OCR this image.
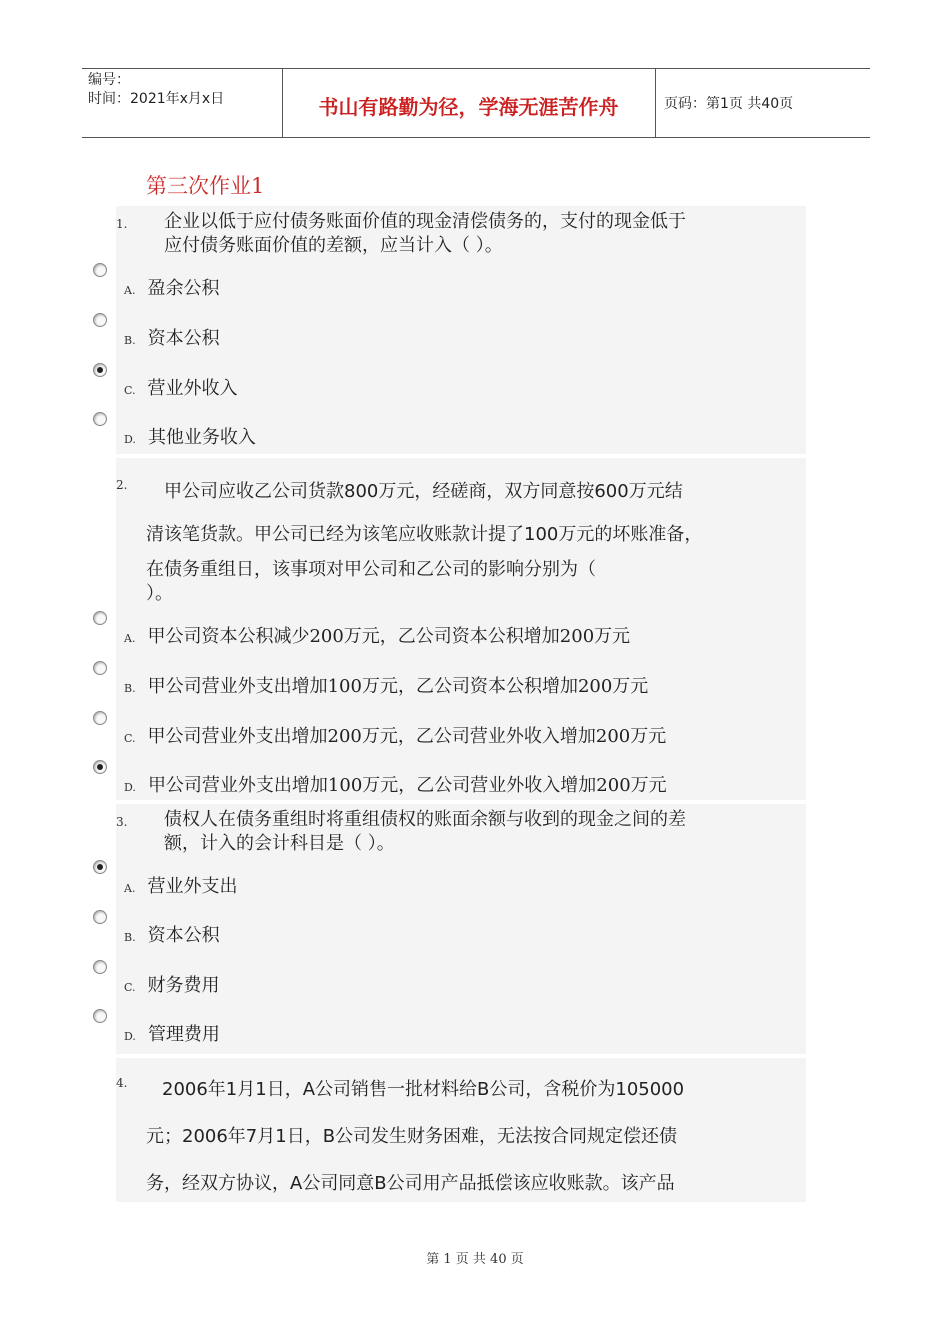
编号：
时间：2021年x月x日	书山有路勤为径，学海无涯苦作舟	页码：第1页 共40页
第三次作业1
1.	企业以低于应付债务账面价值的现金清偿债务的，支付的现金低于
应付债务账面价值的差额，应当计入（ ）。
A. 盈余公积
B. 资本公积
C. 营业外收入
D. 其他业务收入
2.	甲公司应收乙公司货款800万元，经磋商，双方同意按600万元结
清该笔货款。甲公司已经为该笔应收账款计提了100万元的坏账准备，
在债务重组日，该事项对甲公司和乙公司的影响分别为（
）。
A. 甲公司资本公积减少200万元，乙公司资本公积增加200万元
B. 甲公司营业外支出增加100万元，乙公司资本公积增加200万元
C. 甲公司营业外支出增加200万元，乙公司营业外收入增加200万元
D. 甲公司营业外支出增加100万元，乙公司营业外收入增加200万元
3.	债权人在债务重组时将重组债权的账面余额与收到的现金之间的差
额，计入的会计科目是（ ）。
A. 营业外支出
B. 资本公积
C. 财务费用
D. 管理费用
4.	2006年1月1日，A公司销售一批材料给B公司，含税价为105000
元；2006年7月1日，B公司发生财务困难，无法按合同规定偿还债
务，经双方协议，A公司同意B公司用产品抵偿该应收账款。该产品
第 1 页 共 40 页
